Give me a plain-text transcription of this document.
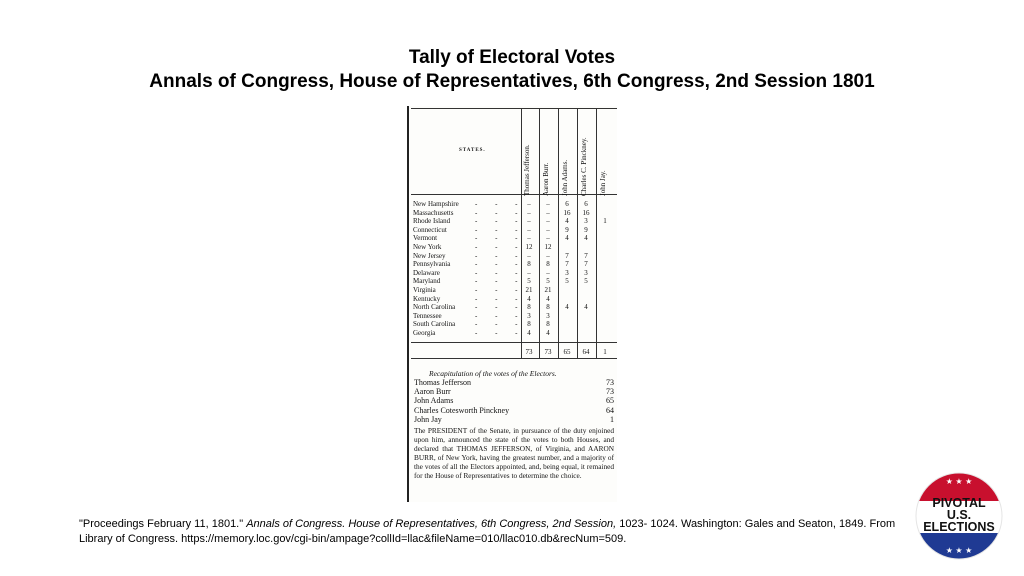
Tally of Electoral Votes
Annals of Congress, House of Representatives, 6th Congress, 2nd Session 1801
STATES.	Thomas Jefferson.	Aaron Burr.	John Adams.	Charles C. Pinckney.	John Jay.
New Hampshire - - - –	–	6	6
Massachusetts	- - - –	–	16	16
Rhode Island	- - - –	–	4	3	1
Connecticut	- - - –	–	9	9
Vermont	- - - –	–	4	4
New York	- - - 12	12
New Jersey	- - - –	–	7	7
Pennsylvania	- - - 8	8	7	7
Delaware	- - - –	–	3	3
Maryland	- - - 5	5	5	5
Virginia	- - - 21	21
Kentucky	- - - 4	4
North Carolina	- - - 8	8	4	4
Tennessee	- - - 3	3
South Carolina	- - - 8	8
Georgia	- - - 4	4
73	73	65	64	1
Recapitulation of the votes of the Electors.
Thomas Jefferson	73
Aaron Burr	73
John Adams	65
Charles Cotesworth Pinckney	64
John Jay	1
The PRESIDENT of the Senate, in pursuance of the duty enjoined upon him, announced the state of the votes to both Houses, and declared that THOMAS JEFFERSON, of Virginia, and AARON BURR, of New York, having the greatest number, and a majority of the votes of all the Electors appointed, and, being equal, it remained for the House of Representatives to determine the choice.
"Proceedings February 11, 1801." Annals of Congress. House of Representatives, 6th Congress, 2nd Session, 1023- 1024. Washington: Gales and Seaton, 1849. From Library of Congress. https://memory.loc.gov/cgi-bin/ampage?collId=llac&fileName=010/llac010.db&recNum=509.
★ ★ ★
PIVOTAL
U.S.
ELECTIONS
★ ★ ★
